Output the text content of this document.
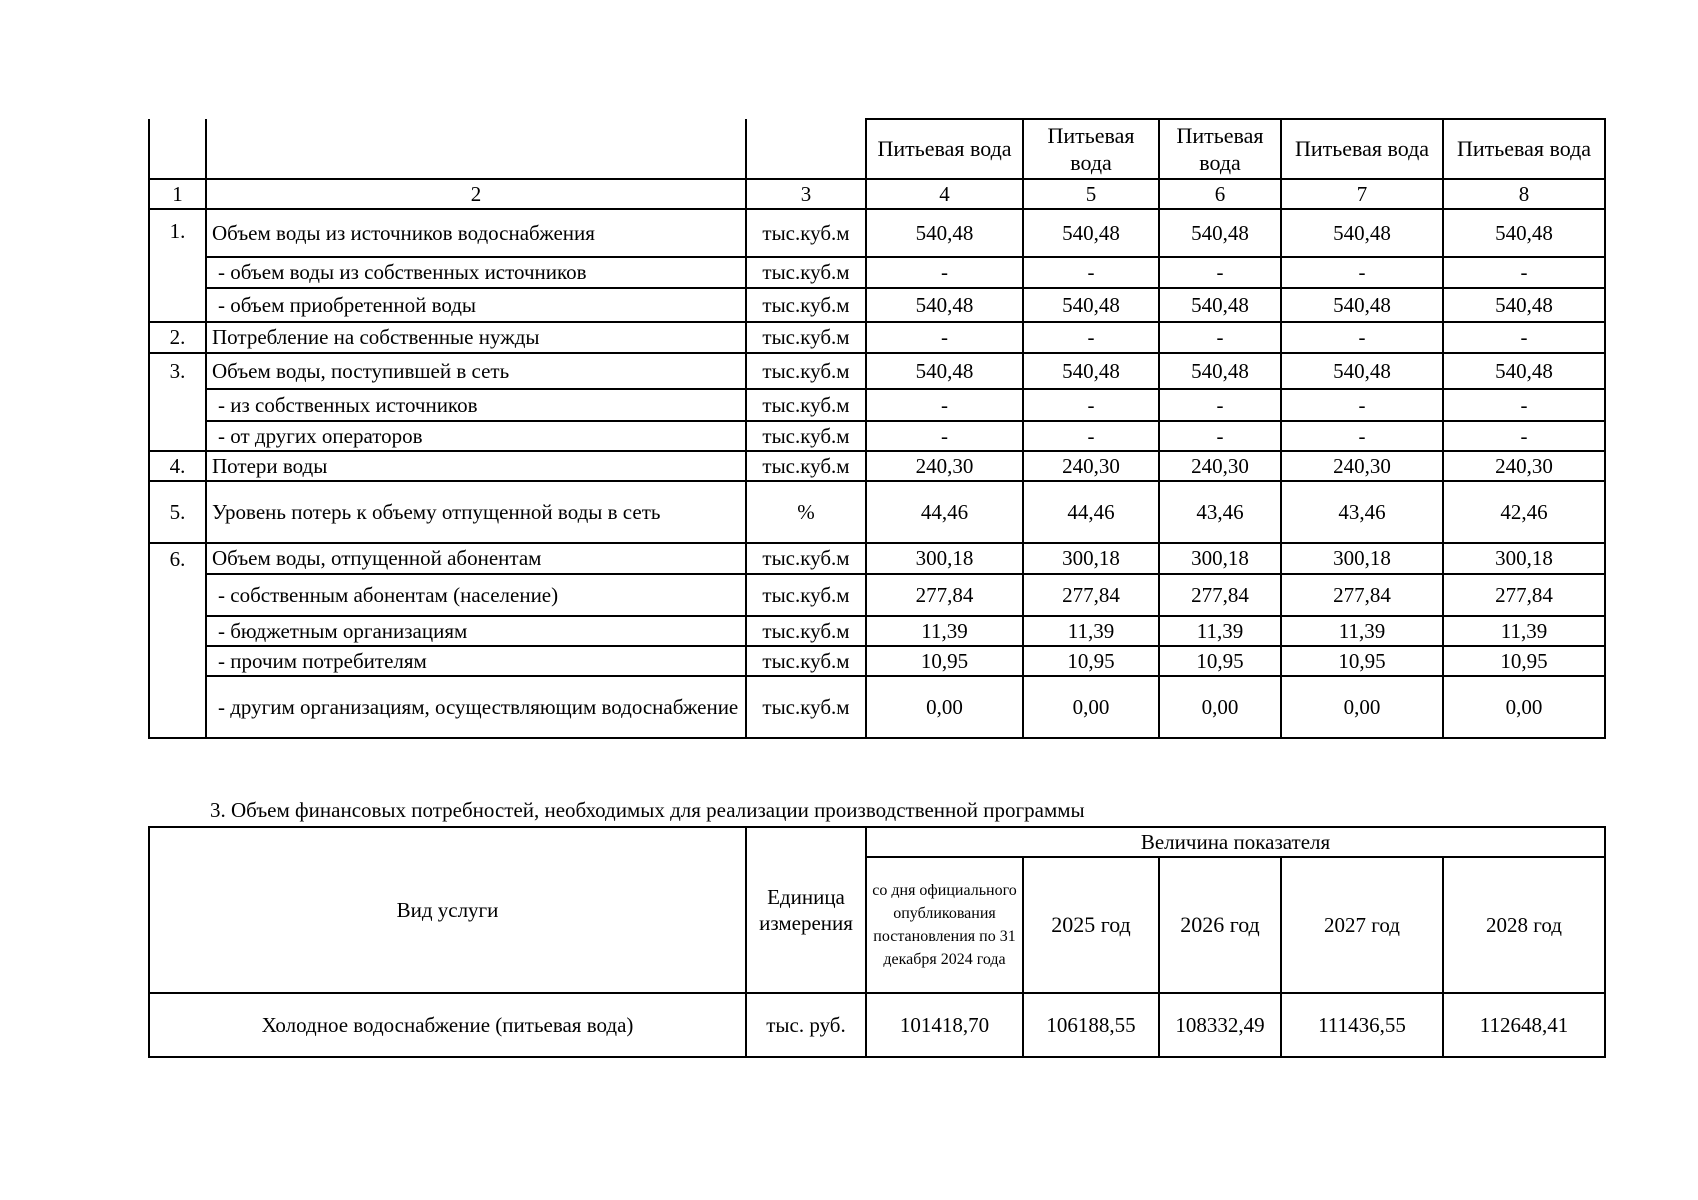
			Питьевая вода	Питьевая вода	Питьевая вода	Питьевая вода	Питьевая вода
1	2	3	4	5	6	7	8
1.	Объем воды из источников водоснабжения	тыс.куб.м	540,48	540,48	540,48	540,48	540,48
	- объем воды из собственных источников	тыс.куб.м	-	-	-	-	-
	- объем приобретенной воды	тыс.куб.м	540,48	540,48	540,48	540,48	540,48
2.	Потребление на собственные нужды	тыс.куб.м	-	-	-	-	-
3.	Объем воды, поступившей в сеть	тыс.куб.м	540,48	540,48	540,48	540,48	540,48
	- из собственных источников	тыс.куб.м	-	-	-	-	-
	- от других операторов	тыс.куб.м	-	-	-	-	-
4.	Потери воды	тыс.куб.м	240,30	240,30	240,30	240,30	240,30
5.	Уровень потерь к объему отпущенной воды в сеть	%	44,46	44,46	43,46	43,46	42,46
6.	Объем воды, отпущенной абонентам	тыс.куб.м	300,18	300,18	300,18	300,18	300,18
	- собственным абонентам (население)	тыс.куб.м	277,84	277,84	277,84	277,84	277,84
	- бюджетным организациям	тыс.куб.м	11,39	11,39	11,39	11,39	11,39
	- прочим потребителям	тыс.куб.м	10,95	10,95	10,95	10,95	10,95
	- другим организациям, осуществляющим водоснабжение	тыс.куб.м	0,00	0,00	0,00	0,00	0,00
3. Объем финансовых потребностей, необходимых для реализации производственной программы
Вид услуги	Единица измерения	Величина показателя				
		со дня официального опубликования постановления по 31 декабря 2024 года	2025 год	2026 год	2027 год	2028 год
Холодное водоснабжение (питьевая вода)	тыс. руб.	101418,70	106188,55	108332,49	111436,55	112648,41
